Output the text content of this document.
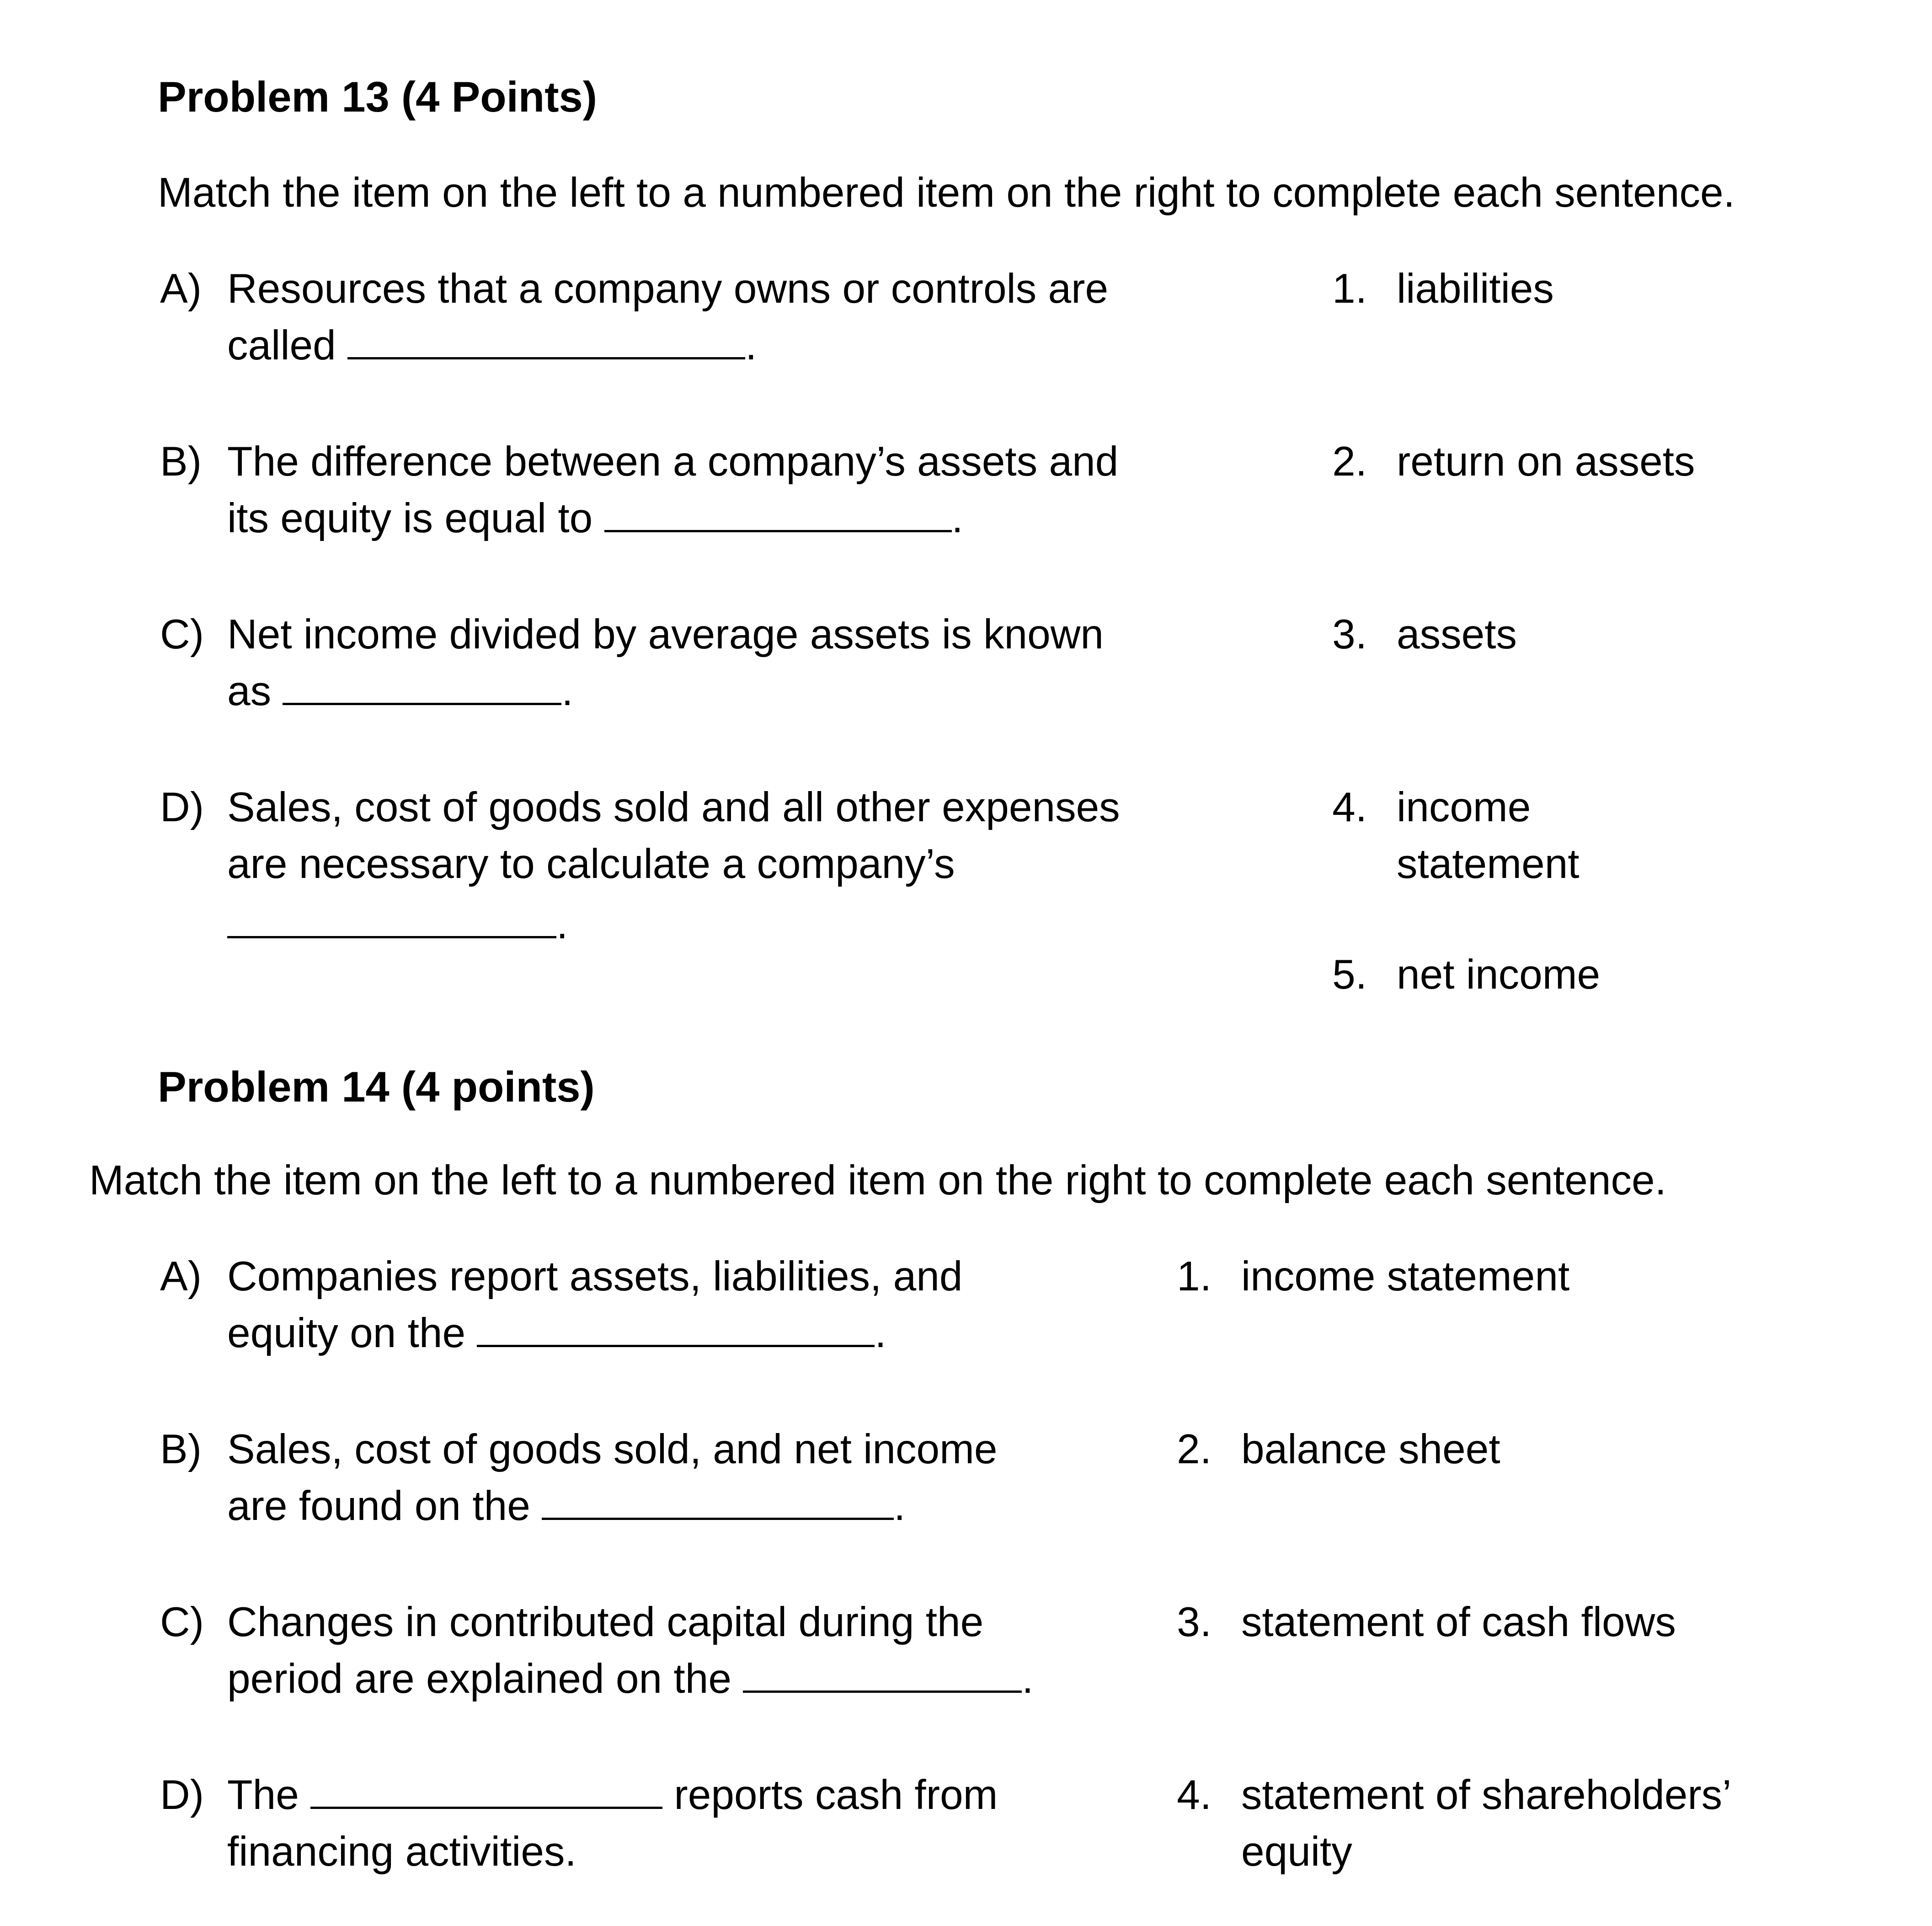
Problem 13 (4 Points)
Match the item on the left to a numbered item on the right to complete each sentence.
A) Resources that a company owns or controls are
called	.
B) The difference between a company’s assets and
its equity is equal to	.
C) Net income divided by average assets is known
as	.
D) Sales, cost of goods sold and all other expenses
are necessary to calculate a company’s
.
1. liabilities
2. return on assets
3. assets
4. income
statement
5. net income
Problem 14 (4 points)
Match the item on the left to a numbered item on the right to complete each sentence.
A) Companies report assets, liabilities, and
equity on the	.
B) Sales, cost of goods sold, and net income
are found on the	.
C) Changes in contributed capital during the
period are explained on the	.
D) The	reports cash from
financing activities.
1. income statement
2. balance sheet
3. statement of cash flows
4. statement of shareholders’
equity
